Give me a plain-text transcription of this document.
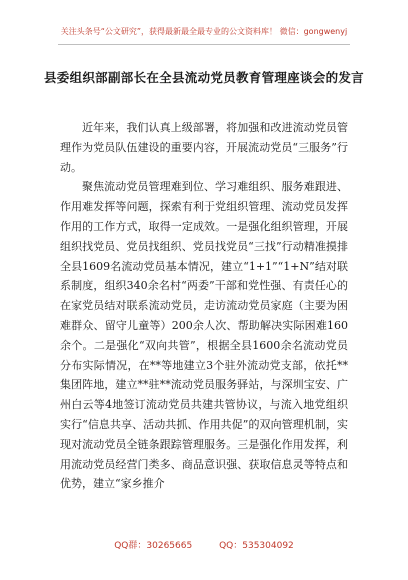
关注头条号“公文研究”，获得最新最全最专业的公文资料库！ 微信：gongwenyj
县委组织部副部长在全县流动党员教育管理座谈会的发言

近年来，我们认真上级部署，将加强和改进流动党员管理作为党员队伍建设的重要内容，开展流动党员“三服务”行动。

聚焦流动党员管理难到位、学习难组织、服务难跟进、作用难发挥等问题，探索有利于党组织管理、流动党员发挥作用的工作方式，取得一定成效。一是强化组织管理，开展组织找党员、党员找组织、党员找党员“三找”行动精准摸排全县1609名流动党员基本情况，建立“1+1”“1+N”结对联系制度，组织340余名村“两委”干部和党性强、有责任心的在家党员结对联系流动党员，走访流动党员家庭（主要为困难群众、留守儿童等）200余人次、帮助解决实际困难160余个。二是强化“双向共管”，根据全县1600余名流动党员分布实际情况，在**等地建立3个驻外流动党支部，依托**集团阵地，建立**驻**流动党员服务驿站，与深圳宝安、广州白云等4地签订流动党员共建共管协议，与流入地党组织实行“信息共享、活动共抓、作用共促”的双向管理机制，实现对流动党员全链条跟踪管理服务。三是强化作用发挥，利用流动党员经营门类多、商品意识强、获取信息灵等特点和优势，建立“家乡推介

QQ群：30265665	QQ：535304092
